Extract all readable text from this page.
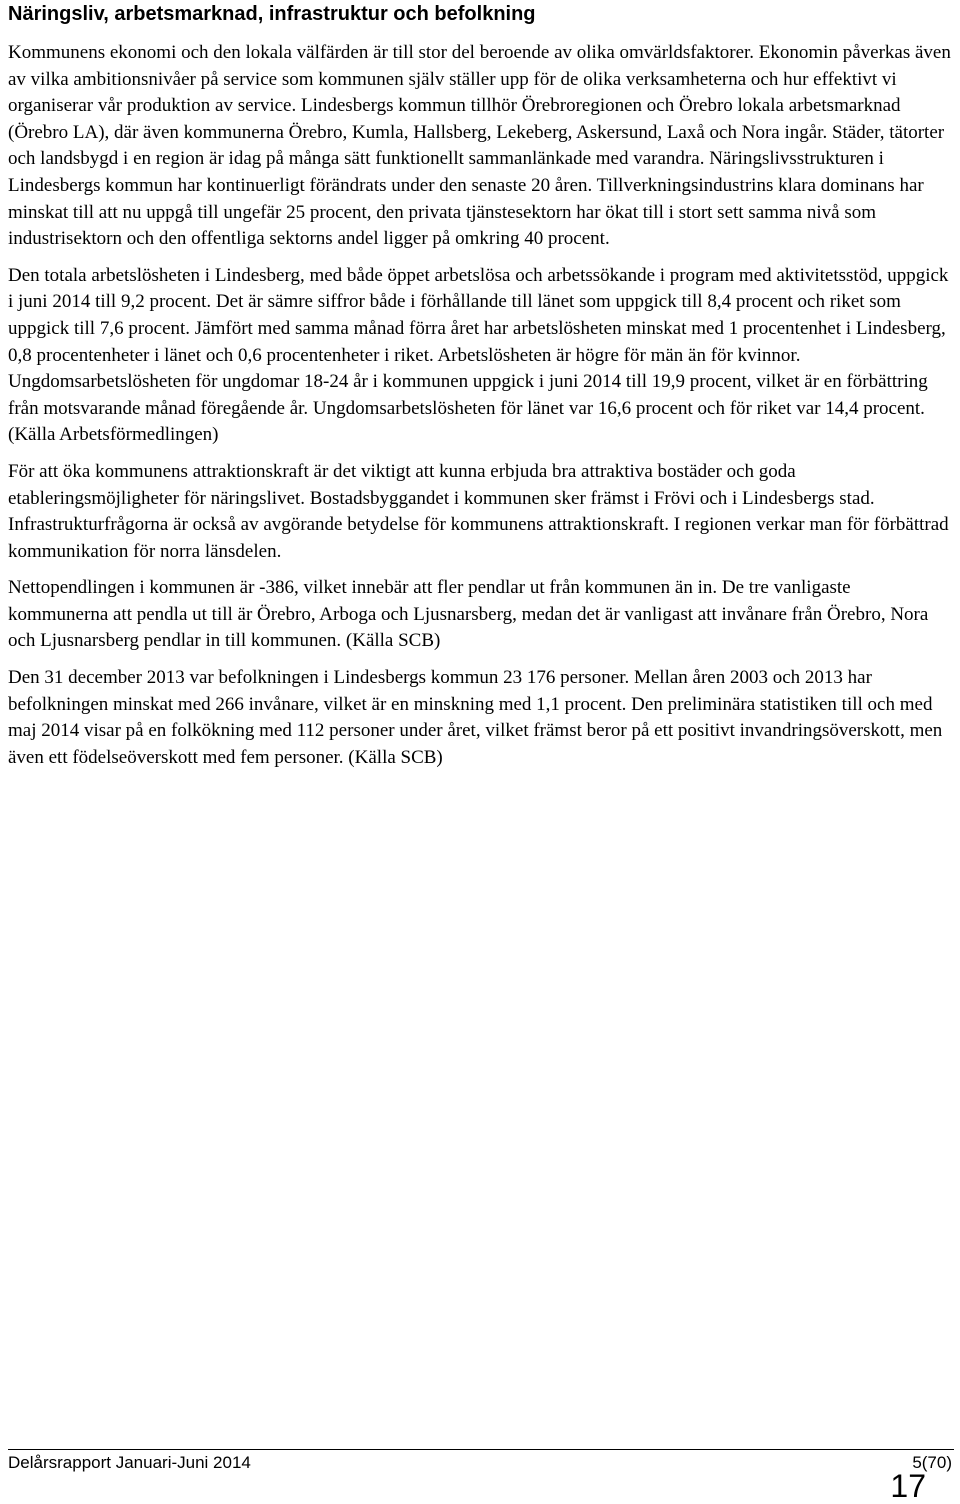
Näringsliv, arbetsmarknad, infrastruktur och befolkning

Kommunens ekonomi och den lokala välfärden är till stor del beroende av olika omvärldsfaktorer. Ekonomin påverkas även av vilka ambitionsnivåer på service som kommunen själv ställer upp för de olika verksamheterna och hur effektivt vi organiserar vår produktion av service. Lindesbergs kommun tillhör Örebroregionen och Örebro lokala arbetsmarknad (Örebro LA), där även kommunerna Örebro, Kumla, Hallsberg, Lekeberg, Askersund, Laxå och Nora ingår. Städer, tätorter och landsbygd i en region är idag på många sätt funktionellt sammanlänkade med varandra. Näringslivsstrukturen i Lindesbergs kommun har kontinuerligt förändrats under den senaste 20 åren. Tillverkningsindustrins klara dominans har minskat till att nu uppgå till ungefär 25 procent, den privata tjänstesektorn har ökat till i stort sett samma nivå som industrisektorn och den offentliga sektorns andel ligger på omkring 40 procent.

Den totala arbetslösheten i Lindesberg, med både öppet arbetslösa och arbetssökande i program med aktivitetsstöd, uppgick i juni 2014 till 9,2 procent. Det är sämre siffror både i förhållande till länet som uppgick till 8,4 procent och riket som uppgick till 7,6 procent. Jämfört med samma månad förra året har arbetslösheten minskat med 1 procentenhet i Lindesberg, 0,8 procentenheter i länet och 0,6 procentenheter i riket. Arbetslösheten är högre för män än för kvinnor. Ungdomsarbetslösheten för ungdomar 18-24 år i kommunen uppgick i juni 2014 till 19,9 procent, vilket är en förbättring från motsvarande månad föregående år. Ungdomsarbetslösheten för länet var 16,6 procent och för riket var 14,4 procent. (Källa Arbetsförmedlingen)

För att öka kommunens attraktionskraft är det viktigt att kunna erbjuda bra attraktiva bostäder och goda etableringsmöjligheter för näringslivet. Bostadsbyggandet i kommunen sker främst i Frövi och i Lindesbergs stad. Infrastrukturfrågorna är också av avgörande betydelse för kommunens attraktionskraft. I regionen verkar man för förbättrad kommunikation för norra länsdelen.

Nettopendlingen i kommunen är -386, vilket innebär att fler pendlar ut från kommunen än in. De tre vanligaste kommunerna att pendla ut till är Örebro, Arboga och Ljusnarsberg, medan det är vanligast att invånare från Örebro, Nora och Ljusnarsberg pendlar in till kommunen. (Källa SCB)

Den 31 december 2013 var befolkningen i Lindesbergs kommun 23 176 personer. Mellan åren 2003 och 2013 har befolkningen minskat med 266 invånare, vilket är en minskning med 1,1 procent. Den preliminära statistiken till och med maj 2014 visar på en folkökning med 112 personer under året, vilket främst beror på ett positivt invandringsöverskott, men även ett födelseöverskott med fem personer. (Källa SCB)

Delårsrapport Januari-Juni 2014	5(70)
17
